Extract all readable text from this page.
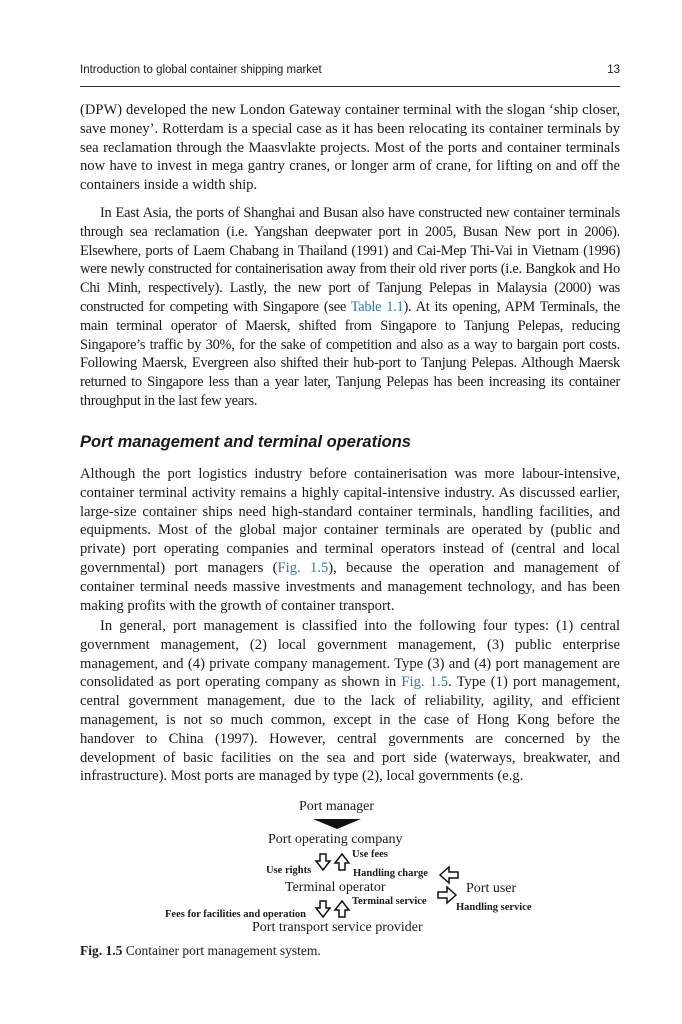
Introduction to global container shipping market	13

(DPW) developed the new London Gateway container terminal with the slogan ‘ship closer, save money’. Rotterdam is a special case as it has been relocating its container terminals by sea reclamation through the Maasvlakte projects. Most of the ports and container terminals now have to invest in mega gantry cranes, or longer arm of crane, for lifting on and off the containers inside a width ship.

In East Asia, the ports of Shanghai and Busan also have constructed new container terminals through sea reclamation (i.e. Yangshan deepwater port in 2005, Busan New port in 2006). Elsewhere, ports of Laem Chabang in Thailand (1991) and Cai-Mep Thi-Vai in Vietnam (1996) were newly constructed for containerisation away from their old river ports (i.e. Bangkok and Ho Chi Minh, respectively). Lastly, the new port of Tanjung Pelepas in Malaysia (2000) was constructed for competing with Singapore (see Table 1.1). At its opening, APM Terminals, the main terminal operator of Maersk, shifted from Singapore to Tanjung Pelepas, reducing Singapore’s traffic by 30%, for the sake of competition and also as a way to bargain port costs. Following Maersk, Evergreen also shifted their hub-port to Tanjung Pelepas. Although Maersk returned to Singapore less than a year later, Tanjung Pelepas has been increasing its container throughput in the last few years.

Port management and terminal operations

Although the port logistics industry before containerisation was more labour-intensive, container terminal activity remains a highly capital-intensive industry. As discussed earlier, large-size container ships need high-standard container terminals, handling facilities, and equipments. Most of the global major container terminals are operated by (public and private) port operating companies and terminal operators instead of (central and local governmental) port managers (Fig. 1.5), because the operation and management of container terminal needs massive investments and management technology, and has been making profits with the growth of container transport.

In general, port management is classified into the following four types: (1) central government management, (2) local government management, (3) public enterprise management, and (4) private company management. Type (3) and (4) port management are consolidated as port operating company as shown in Fig. 1.5. Type (1) port management, central government management, due to the lack of reliability, agility, and efficient management, is not so much common, except in the case of Hong Kong before the handover to China (1997). However, central governments are concerned by the development of basic facilities on the sea and port side (waterways, breakwater, and infrastructure). Most ports are managed by type (2), local governments (e.g.

Port manager
Port operating company
Use fees
Use rights	Handling charge
Terminal operator	Port user
Terminal service
Handling service
Fees for facilities and operation
Port transport service provider
Fig. 1.5 Container port management system.
